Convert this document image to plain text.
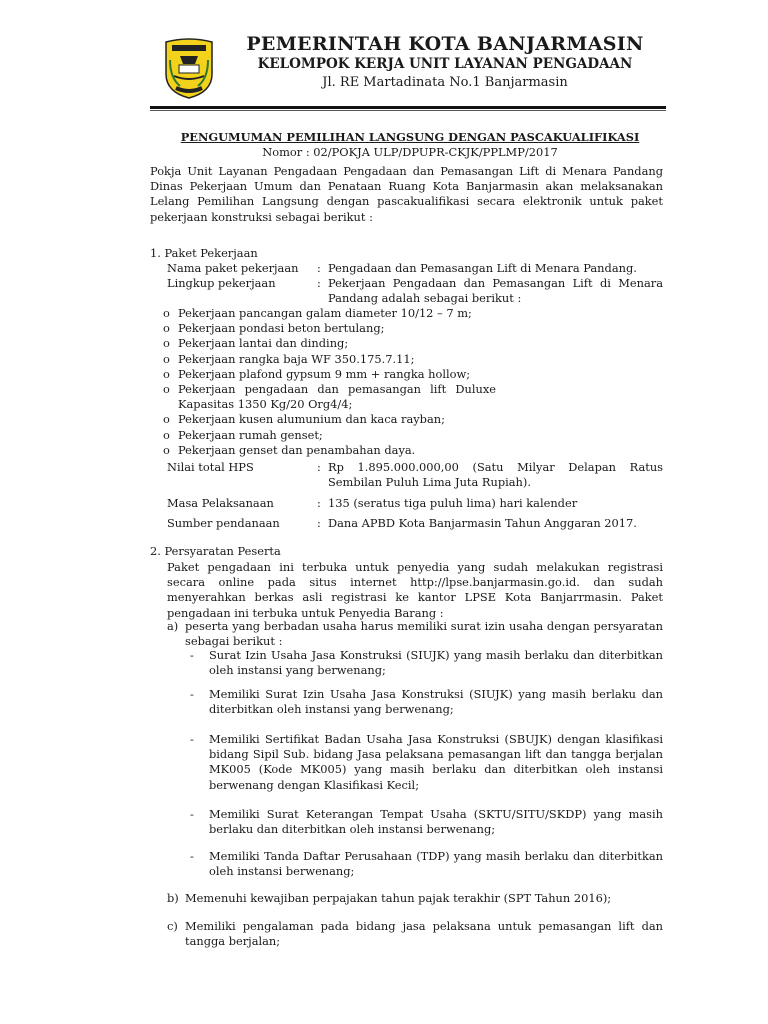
PEMERINTAH KOTA BANJARMASIN
KELOMPOK KERJA UNIT LAYANAN PENGADAAN
Jl. RE Martadinata No.1 Banjarmasin
PENGUMUMAN PEMILIHAN LANGSUNG DENGAN PASCAKUALIFIKASI
Nomor : 02/POKJA ULP/DPUPR-CKJK/PPLMP/2017
Pokja Unit Layanan Pengadaan Pengadaan dan Pemasangan Lift di Menara Pandang Dinas Pekerjaan Umum dan Penataan Ruang Kota Banjarmasin akan melaksanakan Lelang Pemilihan Langsung dengan pascakualifikasi secara elektronik untuk paket pekerjaan konstruksi sebagai berikut :
1. Paket Pekerjaan
Nama paket pekerjaan : Pengadaan dan Pemasangan Lift di Menara Pandang.
Lingkup pekerjaan	: Pekerjaan Pengadaan dan Pemasangan Lift di Menara Pandang adalah sebagai berikut :
o Pekerjaan pancangan galam diameter 10/12 – 7 m;
o Pekerjaan pondasi beton bertulang;
o Pekerjaan lantai dan dinding;
o Pekerjaan rangka baja WF 350.175.7.11;
o Pekerjaan plafond gypsum 9 mm + rangka hollow;
o Pekerjaan pengadaan dan pemasangan lift Duluxe Kapasitas 1350 Kg/20 Org4/4;
o Pekerjaan kusen alumunium dan kaca rayban;
o Pekerjaan rumah genset;
o Pekerjaan genset dan penambahan daya.
Nilai total HPS	: Rp 1.895.000.000,00 (Satu Milyar Delapan Ratus Sembilan Puluh Lima Juta Rupiah).
Masa Pelaksanaan	: 135 (seratus tiga puluh lima) hari kalender
Sumber pendanaan	: Dana APBD Kota Banjarmasin Tahun Anggaran 2017.
2. Persyaratan Peserta
Paket pengadaan ini terbuka untuk penyedia yang sudah melakukan registrasi secara online pada situs internet http://lpse.banjarmasin.go.id. dan sudah menyerahkan berkas asli registrasi ke kantor LPSE Kota Banjarrmasin. Paket pengadaan ini terbuka untuk Penyedia Barang :
a) peserta yang berbadan usaha harus memiliki surat izin usaha dengan persyaratan sebagai berikut :
- Surat Izin Usaha Jasa Konstruksi (SIUJK) yang masih berlaku dan diterbitkan oleh instansi yang berwenang;
- Memiliki Surat Izin Usaha Jasa Konstruksi (SIUJK) yang masih berlaku dan diterbitkan oleh instansi yang berwenang;
- Memiliki Sertifikat Badan Usaha Jasa Konstruksi (SBUJK) dengan klasifikasi bidang Sipil Sub. bidang Jasa pelaksana pemasangan lift dan tangga berjalan MK005 (Kode MK005) yang masih berlaku dan diterbitkan oleh instansi berwenang dengan Klasifikasi Kecil;
- Memiliki Surat Keterangan Tempat Usaha (SKTU/SITU/SKDP) yang masih berlaku dan diterbitkan oleh instansi berwenang;
- Memiliki Tanda Daftar Perusahaan (TDP) yang masih berlaku dan diterbitkan oleh instansi berwenang;
b) Memenuhi kewajiban perpajakan tahun pajak terakhir (SPT Tahun 2016);
c) Memiliki pengalaman pada bidang jasa pelaksana untuk pemasangan lift dan tangga berjalan;
